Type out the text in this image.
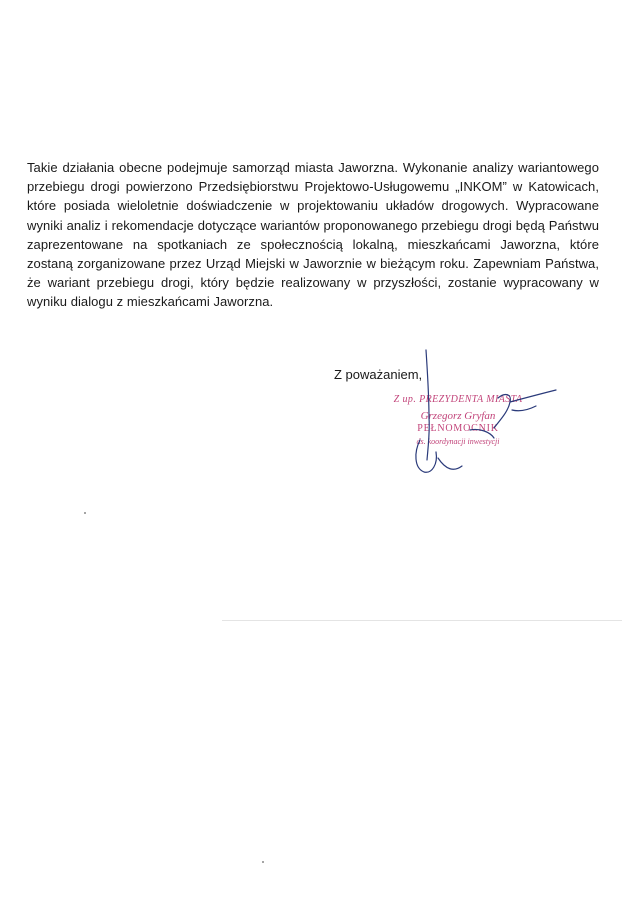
Takie działania obecne podejmuje samorząd miasta Jaworzna. Wykonanie analizy wariantowego przebiegu drogi powierzono Przedsiębiorstwu Projektowo-Usługowemu „INKOM” w Katowicach, które posiada wieloletnie doświadczenie w projektowaniu układów drogowych. Wypracowane wyniki analiz i rekomendacje dotyczące wariantów proponowanego przebiegu drogi będą Państwu zaprezentowane na spotkaniach ze społecznością lokalną, mieszkańcami Jaworzna, które zostaną zorganizowane przez Urząd Miejski w Jaworznie w bieżącym roku. Zapewniam Państwa, że wariant przebiegu drogi, który będzie realizowany w przyszłości, zostanie wypracowany w wyniku dialogu z mieszkańcami Jaworzna.

Z poważaniem,

Z up. PREZYDENTA MIASTA
Grzegorz Gryfan
PEŁNOMOCNIK
ds. koordynacji inwestycji
